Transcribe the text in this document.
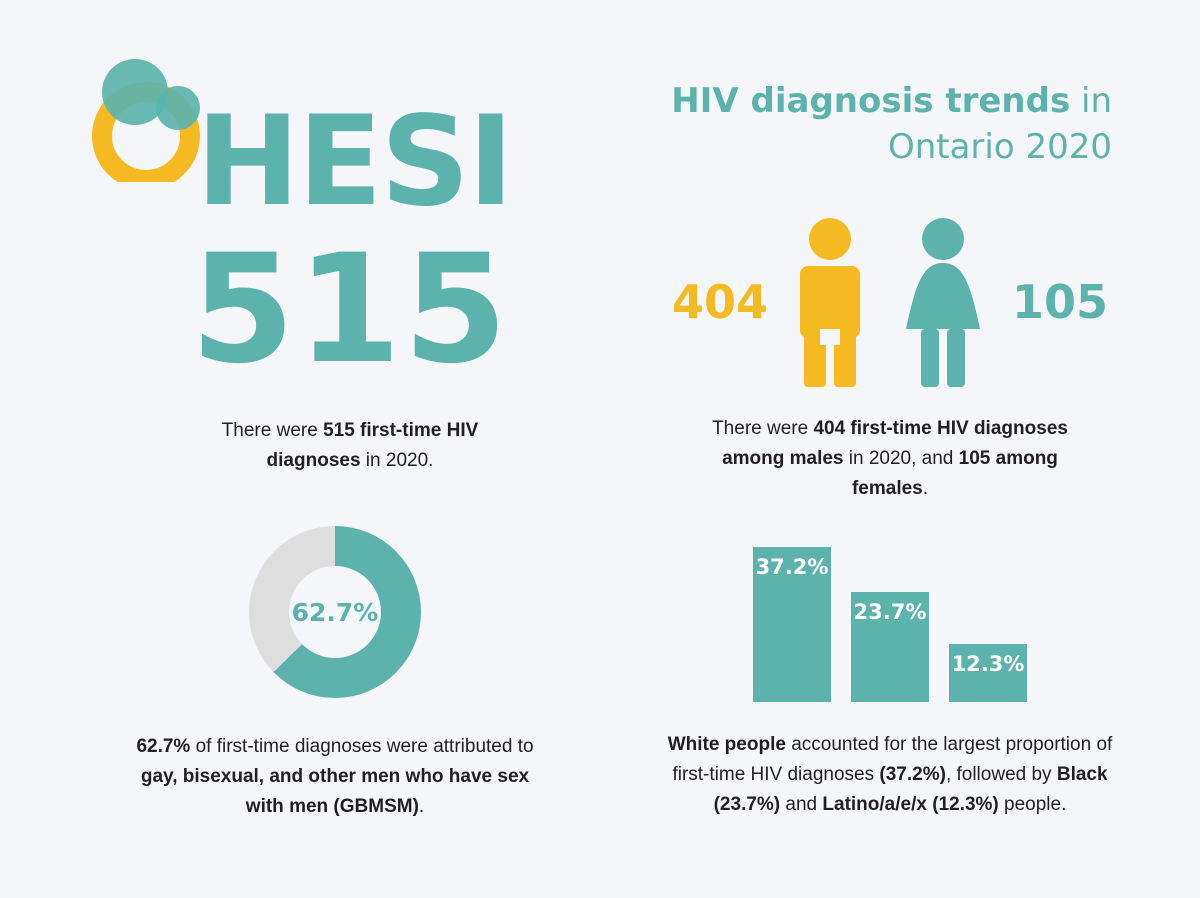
HESI	HIV diagnosis trends in
Ontario 2020
515
There were 515 first-time HIV diagnoses in 2020.
404	105
There were 404 first-time HIV diagnoses among males in 2020, and 105 among females.
62.7%
62.7% of first-time diagnoses were attributed to gay, bisexual, and other men who have sex with men (GBMSM).
37.2%
23.7%
12.3%
White people accounted for the largest proportion of first-time HIV diagnoses (37.2%), followed by Black (23.7%) and Latino/a/e/x (12.3%) people.
